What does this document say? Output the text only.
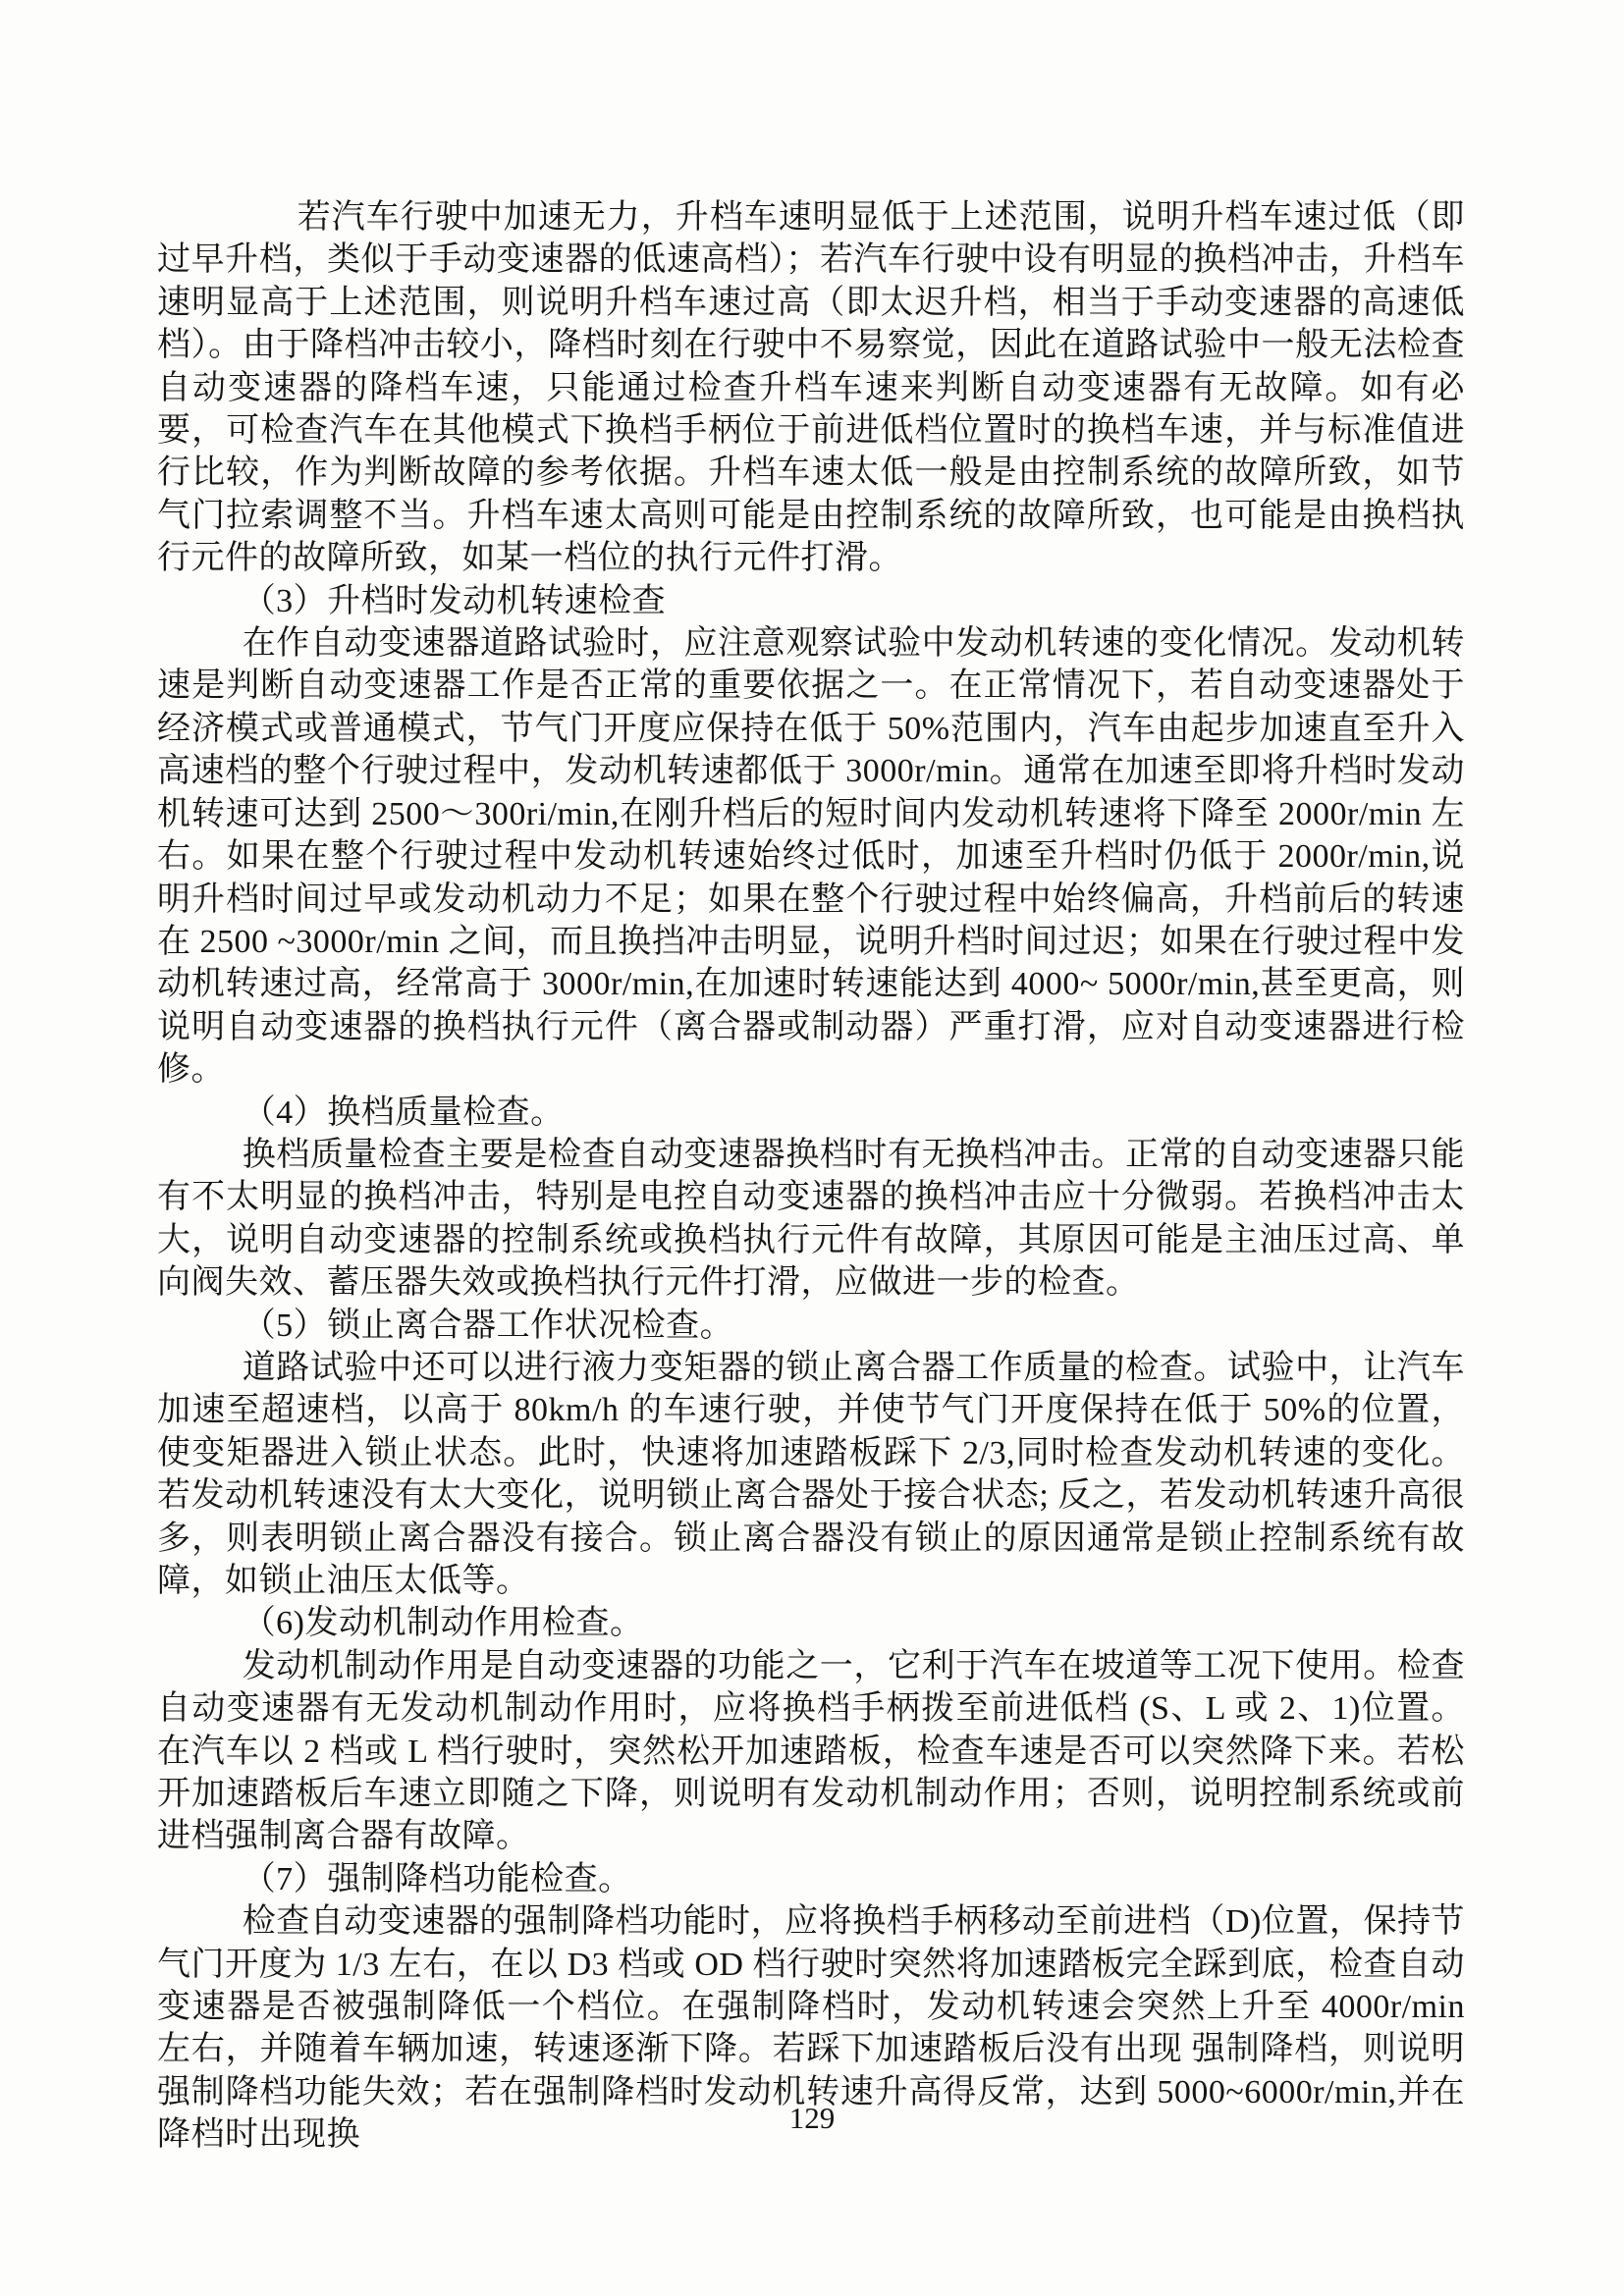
若汽车行驶中加速无力，升档车速明显低于上述范围，说明升档车速过低（即过早升档，类似于手动变速器的低速高档）；若汽车行驶中设有明显的换档冲击，升档车速明显高于上述范围，则说明升档车速过高（即太迟升档，相当于手动变速器的高速低档）。由于降档冲击较小，降档时刻在行驶中不易察觉，因此在道路试验中一般无法检查自动变速器的降档车速，只能通过检查升档车速来判断自动变速器有无故障。如有必要，可检查汽车在其他模式下换档手柄位于前进低档位置时的换档车速，并与标准值进行比较，作为判断故障的参考依据。升档车速太低一般是由控制系统的故障所致，如节气门拉索调整不当。升档车速太高则可能是由控制系统的故障所致，也可能是由换档执行元件的故障所致，如某一档位的执行元件打滑。

（3）升档时发动机转速检查

在作自动变速器道路试验时，应注意观察试验中发动机转速的变化情况。发动机转速是判断自动变速器工作是否正常的重要依据之一。在正常情况下，若自动变速器处于经济模式或普通模式，节气门开度应保持在低于 50%范围内，汽车由起步加速直至升入高速档的整个行驶过程中，发动机转速都低于 3000r/min。通常在加速至即将升档时发动机转速可达到 2500～300ri/min,在刚升档后的短时间内发动机转速将下降至 2000r/min 左右。如果在整个行驶过程中发动机转速始终过低时，加速至升档时仍低于 2000r/min,说明升档时间过早或发动机动力不足；如果在整个行驶过程中始终偏高，升档前后的转速在 2500 ~3000r/min 之间，而且换挡冲击明显，说明升档时间过迟；如果在行驶过程中发动机转速过高，经常高于 3000r/min,在加速时转速能达到 4000~ 5000r/min,甚至更高，则说明自动变速器的换档执行元件（离合器或制动器）严重打滑，应对自动变速器进行检修。

（4）换档质量检查。

换档质量检查主要是检查自动变速器换档时有无换档冲击。正常的自动变速器只能有不太明显的换档冲击，特别是电控自动变速器的换档冲击应十分微弱。若换档冲击太大，说明自动变速器的控制系统或换档执行元件有故障，其原因可能是主油压过高、单向阀失效、蓄压器失效或换档执行元件打滑，应做进一步的检查。

（5）锁止离合器工作状况检查。

道路试验中还可以进行液力变矩器的锁止离合器工作质量的检查。试验中，让汽车加速至超速档，以高于 80km/h 的车速行驶，并使节气门开度保持在低于 50%的位置，使变矩器进入锁止状态。此时，快速将加速踏板踩下 2/3,同时检查发动机转速的变化。若发动机转速没有太大变化，说明锁止离合器处于接合状态; 反之，若发动机转速升高很多，则表明锁止离合器没有接合。锁止离合器没有锁止的原因通常是锁止控制系统有故障，如锁止油压太低等。

（6)发动机制动作用检查。

发动机制动作用是自动变速器的功能之一，它利于汽车在坡道等工况下使用。检查自动变速器有无发动机制动作用时，应将换档手柄拨至前进低档 (S、L 或 2、1)位置。在汽车以 2 档或 L 档行驶时，突然松开加速踏板，检查车速是否可以突然降下来。若松开加速踏板后车速立即随之下降，则说明有发动机制动作用；否则，说明控制系统或前进档强制离合器有故障。

（7）强制降档功能检查。

检查自动变速器的强制降档功能时，应将换档手柄移动至前进档（D)位置，保持节气门开度为 1/3 左右，在以 D3 档或 OD 档行驶时突然将加速踏板完全踩到底，检查自动变速器是否被强制降低一个档位。在强制降档时，发动机转速会突然上升至 4000r/min 左右，并随着车辆加速，转速逐渐下降。若踩下加速踏板后没有出现 强制降档，则说明强制降档功能失效；若在强制降档时发动机转速升高得反常，达到 5000~6000r/min,并在降档时出现换	129
